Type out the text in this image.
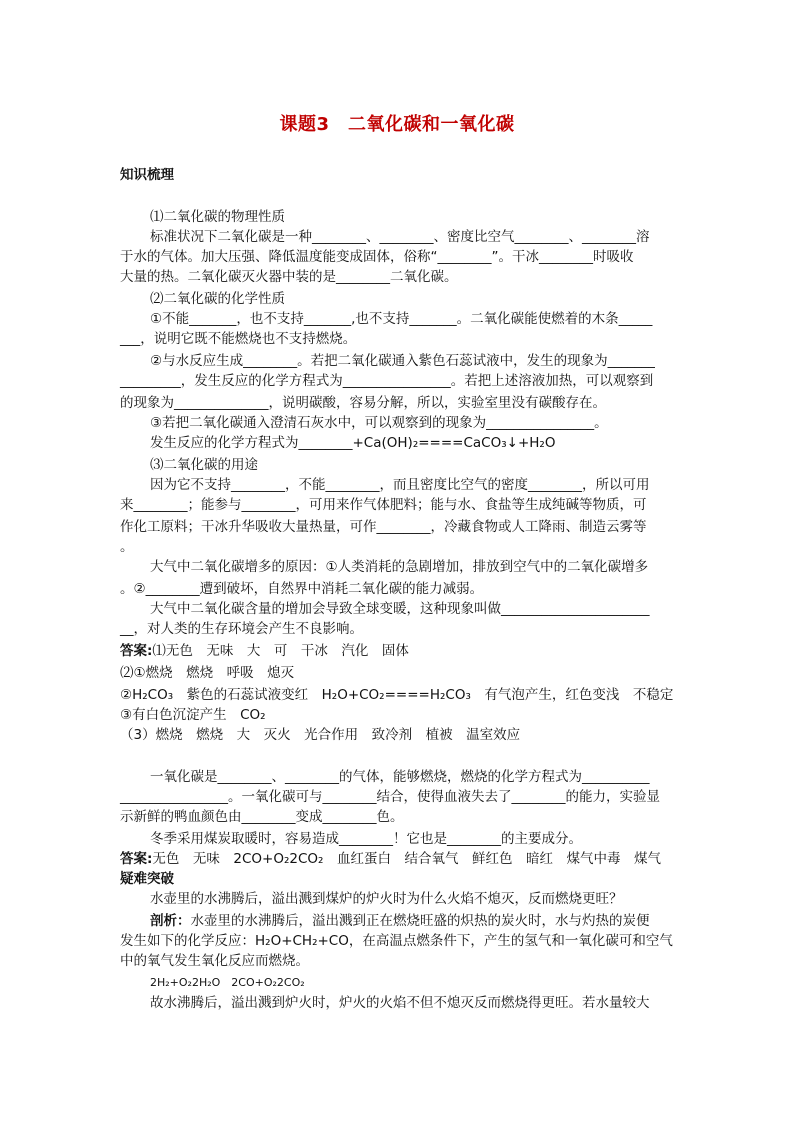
课题3　二氧化碳和一氧化碳
知识梳理
⑴二氧化碳的物理性质
标准状况下二氧化碳是一种________、________、密度比空气________、________溶
于水的气体。加大压强、降低温度能变成固体，俗称“________”。干冰________时吸收
大量的热。二氧化碳灭火器中装的是________二氧化碳。
⑵二氧化碳的化学性质
①不能_______，也不支持_______,也不支持_______。二氧化碳能使燃着的木条_____
___，说明它既不能燃烧也不支持燃烧。
②与水反应生成________。若把二氧化碳通入紫色石蕊试液中，发生的现象为_______
_________，发生反应的化学方程式为________________。若把上述溶液加热，可以观察到
的现象为______________，说明碳酸，容易分解，所以，实验室里没有碳酸存在。
③若把二氧化碳通入澄清石灰水中，可以观察到的现象为________________。
发生反应的化学方程式为________+Ca(OH)₂====CaCO₃↓+H₂O
⑶二氧化碳的用途
因为它不支持________，不能________，而且密度比空气的密度________，所以可用
来________；能参与________，可用来作气体肥料；能与水、食盐等生成纯碱等物质，可
作化工原料；干冰升华吸收大量热量，可作________，冷藏食物或人工降雨、制造云雾等
。
大气中二氧化碳增多的原因：①人类消耗的急剧增加，排放到空气中的二氧化碳增多
。②________遭到破坏，自然界中消耗二氧化碳的能力减弱。
大气中二氧化碳含量的增加会导致全球变暖，这种现象叫做______________________
__，对人类的生存环境会产生不良影响。
答案:⑴无色　无味　大　可　干冰　汽化　固体
⑵①燃烧　燃烧　呼吸　熄灭
②H₂CO₃　紫色的石蕊试液变红　H₂O+CO₂====H₂CO₃　有气泡产生，红色变浅　不稳定
③有白色沉淀产生　CO₂
（3）燃烧　燃烧　大　灭火　光合作用　致冷剂　植被　温室效应
一氧化碳是________、________的气体，能够燃烧，燃烧的化学方程式为__________
________________。一氧化碳可与________结合，使得血液失去了________的能力，实验显
示新鲜的鸭血颜色由________变成________色。
冬季采用煤炭取暖时，容易造成________！它也是________的主要成分。
答案:无色　无味　2CO+O₂2CO₂　血红蛋白　结合氧气　鲜红色　暗红　煤气中毒　煤气
疑难突破
水壶里的水沸腾后，溢出溅到煤炉的炉火时为什么火焰不熄灭，反而燃烧更旺？
剖析：水壶里的水沸腾后，溢出溅到正在燃烧旺盛的炽热的炭火时，水与灼热的炭便
发生如下的化学反应：H₂O+CH₂+CO，在高温点燃条件下，产生的氢气和一氧化碳可和空气
中的氧气发生氧化反应而燃烧。
2H₂+O₂2H₂O　2CO+O₂2CO₂
故水沸腾后，溢出溅到炉火时，炉火的火焰不但不熄灭反而燃烧得更旺。若水量较大
